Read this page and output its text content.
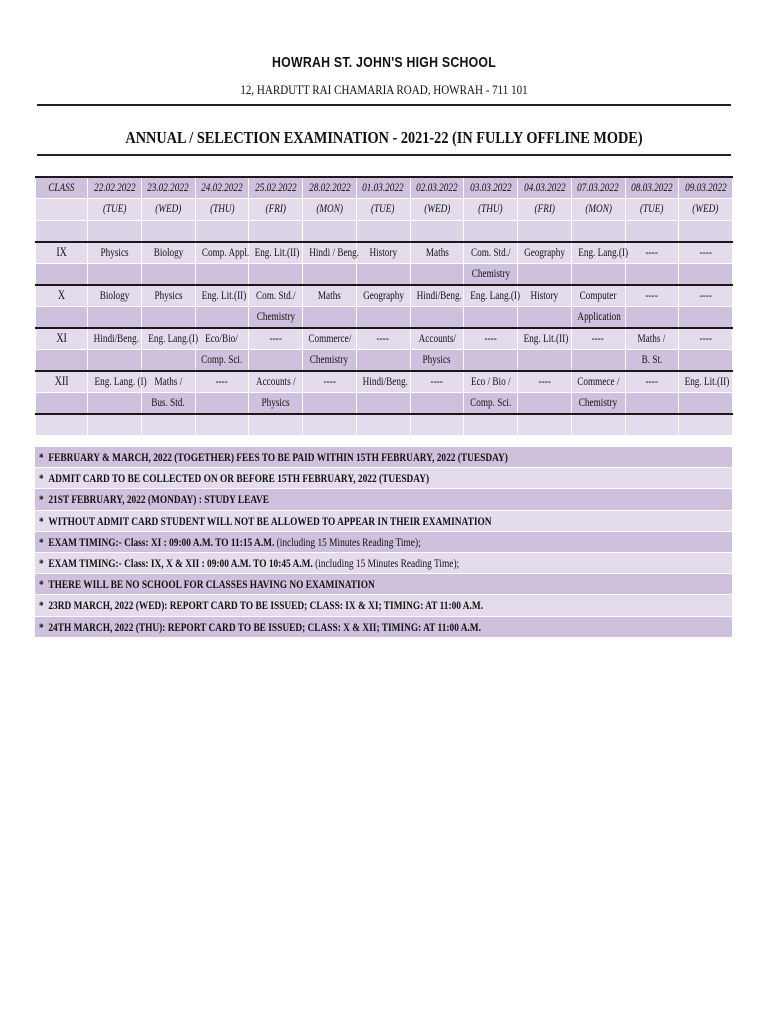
HOWRAH ST. JOHN'S HIGH SCHOOL
12, HARDUTT RAI CHAMARIA ROAD, HOWRAH - 711 101
ANNUAL / SELECTION EXAMINATION - 2021-22 (IN FULLY OFFLINE MODE)
CLASS	22.02.2022	23.02.2022	24.02.2022	25.02.2022	28.02.2022	01.03.2022	02.03.2022	03.03.2022	04.03.2022	07.03.2022	08.03.2022	09.03.2022
	(TUE)	(WED)	(THU)	(FRI)	(MON)	(TUE)	(WED)	(THU)	(FRI)	(MON)	(TUE)	(WED)

IX	Physics	Biology	Comp. Appl.	Eng. Lit.(II)	Hindi / Beng.	History	Maths	Com. Std./	Geography	Eng. Lang.(I)	----	----
								Chemistry				
X	Biology	Physics	Eng. Lit.(II)	Com. Std./	Maths	Geography	Hindi/Beng.	Eng. Lang.(I)	History	Computer	----	----
				Chemistry						Application		
XI	Hindi/Beng.	Eng. Lang.(I)	Eco/Bio/	----	Commerce/	----	Accounts/	----	Eng. Lit.(II)	----	Maths /	----
			Comp. Sci.		Chemistry		Physics				B. St.	
XII	Eng. Lang. (I)	Maths /	----	Accounts /	----	Hindi/Beng.	----	Eco / Bio /	----	Commece /	----	Eng. Lit.(II)
		Bus. Std.		Physics				Comp. Sci.		Chemistry		

* FEBRUARY & MARCH, 2022 (TOGETHER) FEES TO BE PAID WITHIN 15TH FEBRUARY, 2022 (TUESDAY)
* ADMIT CARD TO BE COLLECTED ON OR BEFORE 15TH FEBRUARY, 2022 (TUESDAY)
* 21ST FEBRUARY, 2022 (MONDAY) : STUDY LEAVE
* WITHOUT ADMIT CARD STUDENT WILL NOT BE ALLOWED TO APPEAR IN THEIR EXAMINATION
* EXAM TIMING:- Class: XI : 09:00 A.M. TO 11:15 A.M. (including 15 Minutes Reading Time);
* EXAM TIMING:- Class: IX, X & XII : 09:00 A.M. TO 10:45 A.M. (including 15 Minutes Reading Time);
* THERE WILL BE NO SCHOOL FOR CLASSES HAVING NO EXAMINATION
* 23RD MARCH, 2022 (WED): REPORT CARD TO BE ISSUED; CLASS: IX & XI; TIMING: AT 11:00 A.M.
* 24TH MARCH, 2022 (THU): REPORT CARD TO BE ISSUED; CLASS: X & XII; TIMING: AT 11:00 A.M.
